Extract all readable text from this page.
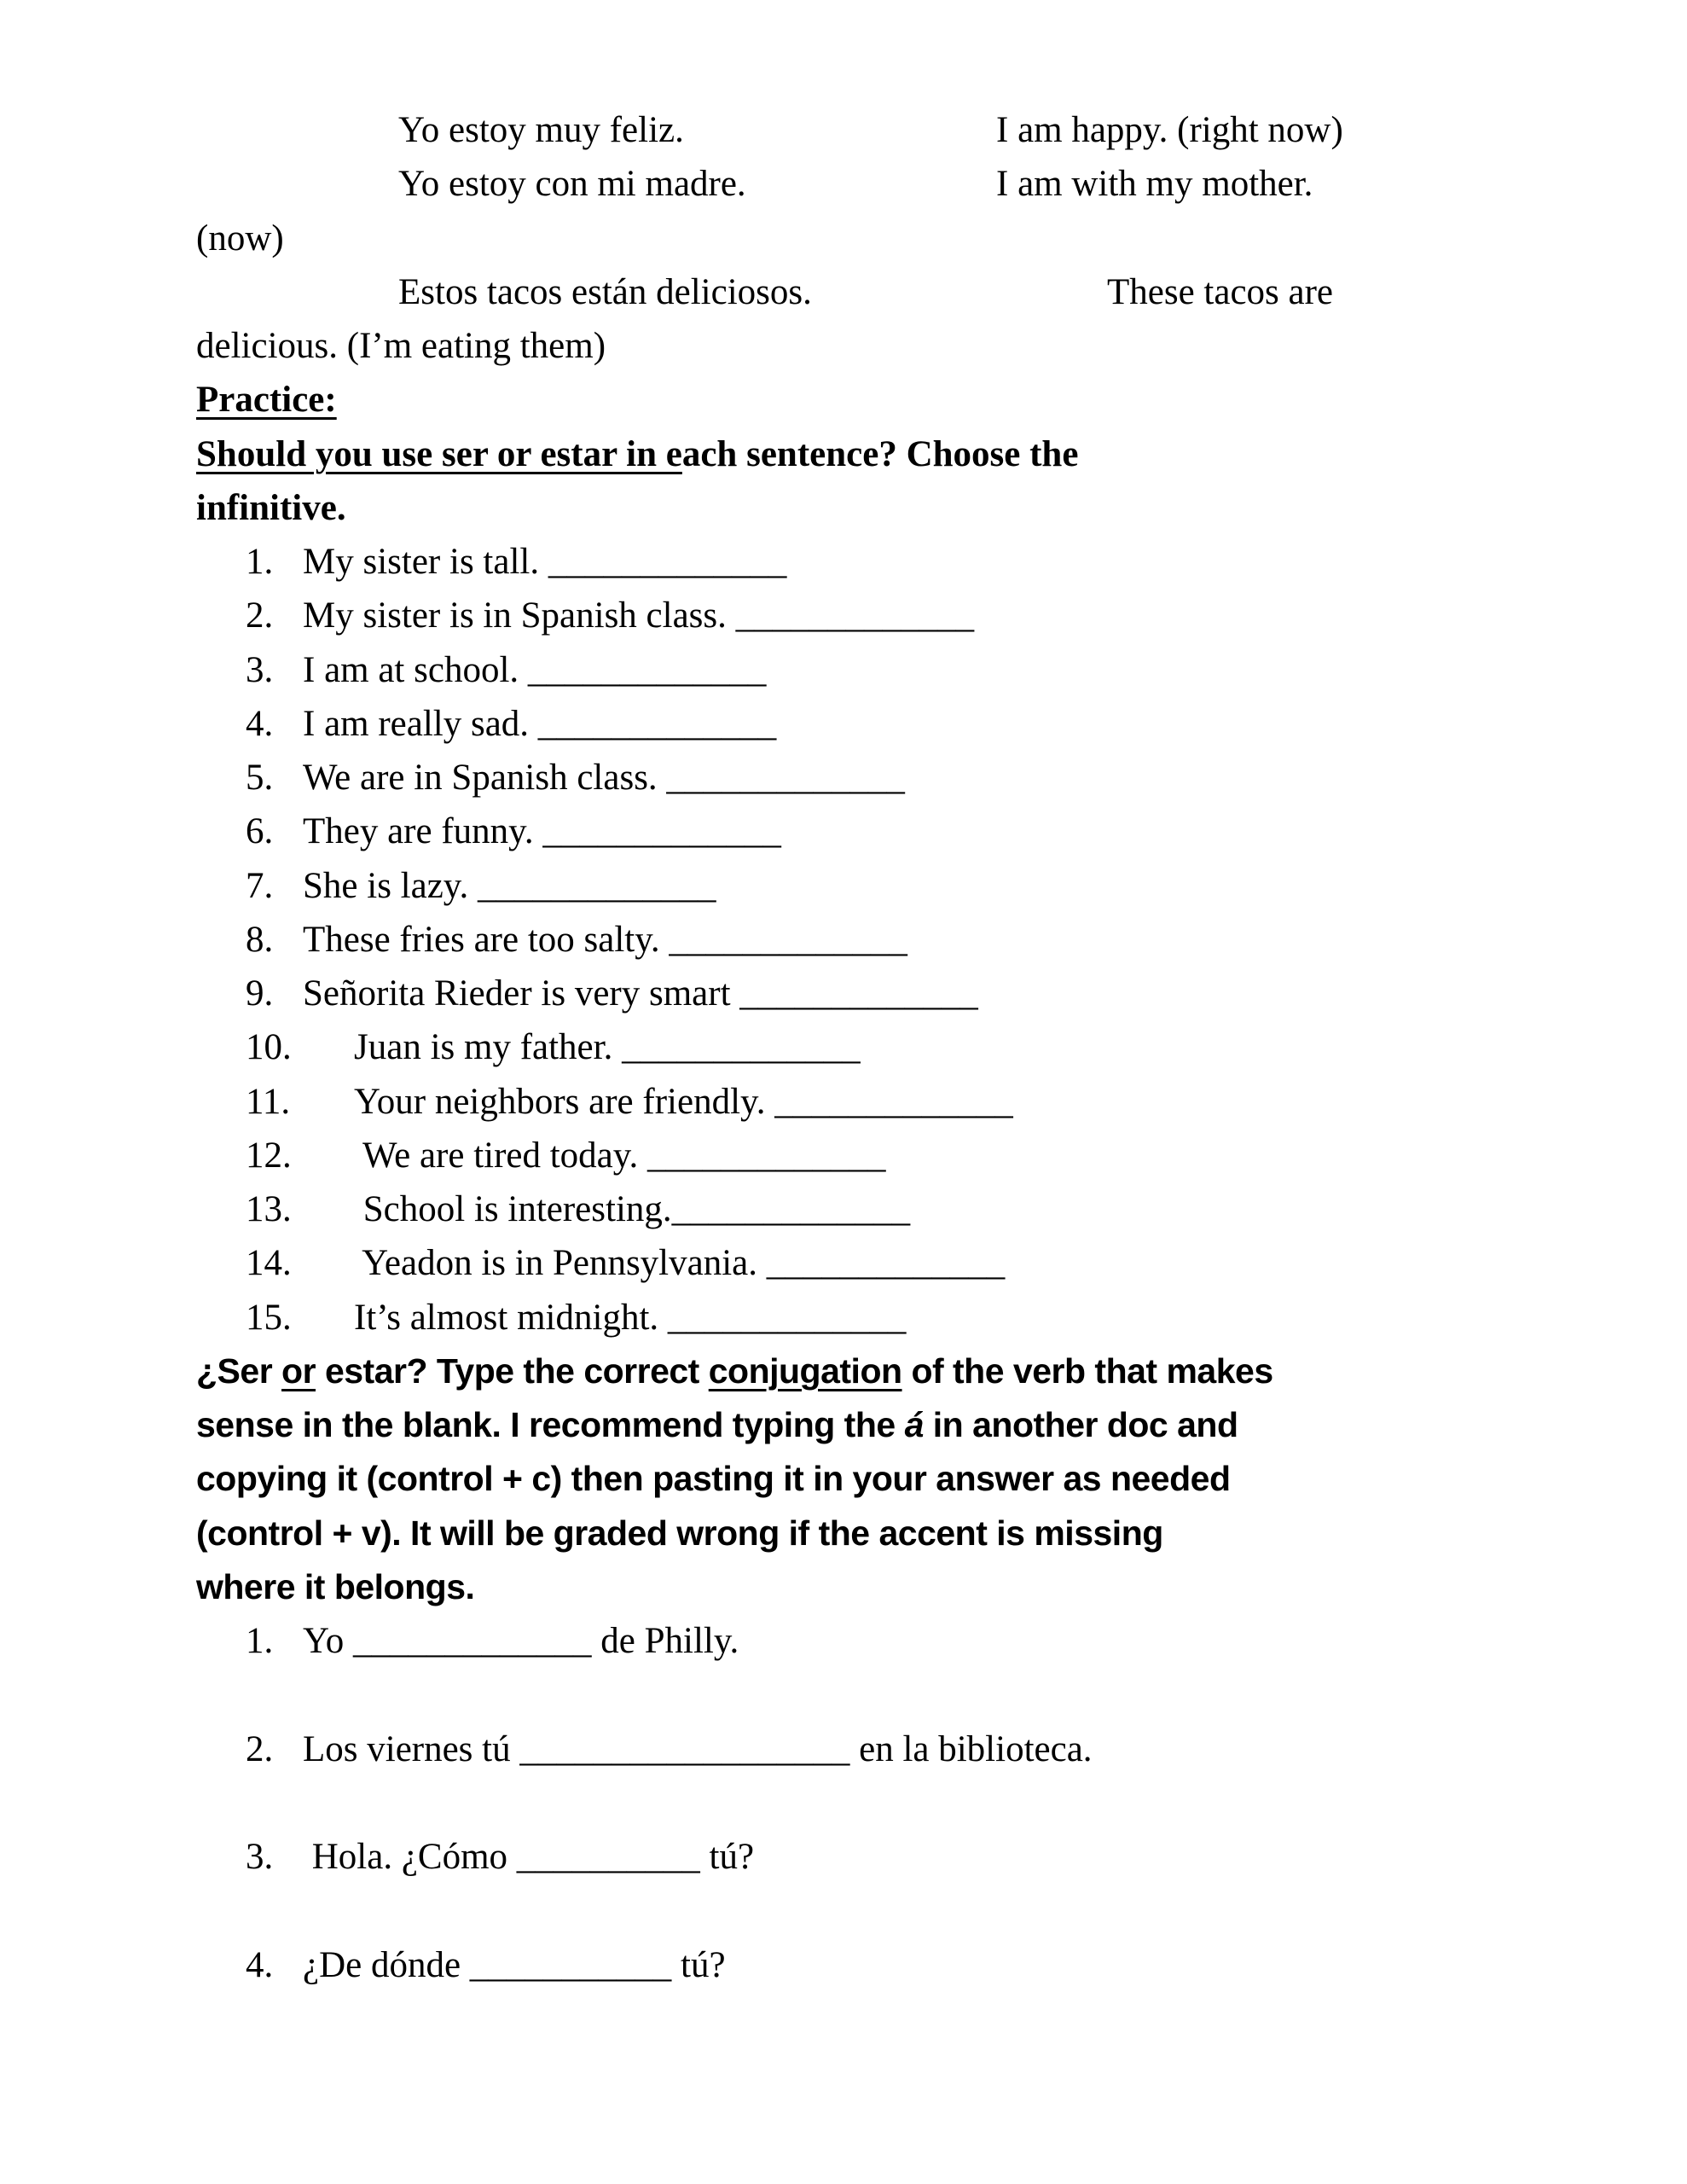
Yo estoy muy feliz.	I am happy. (right now)
Yo estoy con mi madre.	I am with my mother.
(now)
Estos tacos están deliciosos.	These tacos are
delicious. (I’m eating them)
Practice:
Should you use ser or estar in each sentence? Choose the
infinitive.
1. My sister is tall. _____________
2. My sister is in Spanish class. _____________
3. I am at school. _____________
4. I am really sad. _____________
5. We are in Spanish class. _____________
6. They are funny. _____________
7. She is lazy. _____________
8. These fries are too salty. _____________
9. Señorita Rieder is very smart _____________
10. Juan is my father. _____________
11. Your neighbors are friendly. _____________
12. We are tired today. _____________
13. School is interesting._____________
14. Yeadon is in Pennsylvania. _____________
15. It’s almost midnight. _____________
¿Ser or estar? Type the correct conjugation of the verb that makes
sense in the blank. I recommend typing the á in another doc and
copying it (control + c) then pasting it in your answer as needed
(control + v). It will be graded wrong if the accent is missing
where it belongs.
1. Yo _____________ de Philly.
2. Los viernes tú __________________ en la biblioteca.
3. Hola. ¿Cómo __________ tú?
4. ¿De dónde ___________ tú?
